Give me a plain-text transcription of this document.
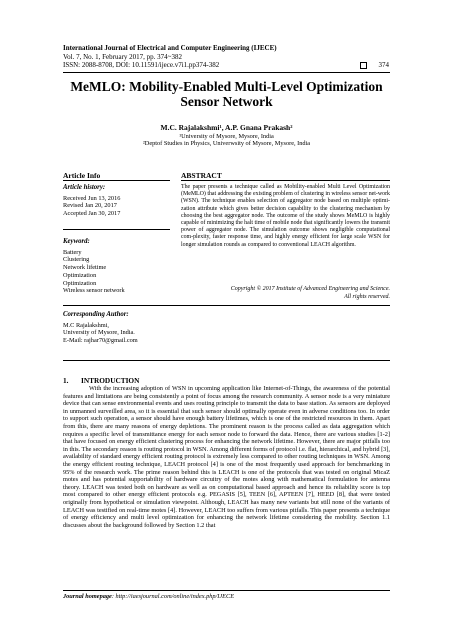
International Journal of Electrical and Computer Engineering (IJECE)
Vol. 7, No. 1, February 2017, pp. 374~382
ISSN: 2088-8708, DOI: 10.11591/ijece.v7i1.pp374-382	374
MeMLO: Mobility-Enabled Multi-Level Optimization Sensor Network
M.C. Rajalakshmi¹, A.P. Gnana Prakash²
¹University of Mysore, Mysore, India
²Deptof Studies in Physics, Univerwsity of Mysore, Mysore, India
Article Info	ABSTRACT
Article history:
Received Jun 13, 2016
Revised Jan 20, 2017
Accepted Jan 30, 2017
Keyword:
Battery
Clustering
Network lifetime
Optimization
Optimization
Wireless sensor network
Corresponding Author:
M.C Rajalakshmi,
University of Mysore, India.
E-Mail: rajhar70@gmail.com
The paper presents a technique called as Mobility-enabled Multi Level Optimization (MeMLO) that addressing the existing problem of clustering in wireless sensor net-work (WSN). The technique enables selection of aggregator node based on multiple optimi-zation attribute which gives better decision capability to the clustering mechanism by choosing the best aggregator node. The outcome of the study shows MeMLO is highly capable of minimizing the halt time of mobile node that significantly lowers the transmit power of aggregator node. The simulation outcome shows negligible computational com-plexity, faster response time, and highly energy efficient for large scale WSN for longer simulation rounds as compared to conventional LEACH algorithm.
Copyright © 2017 Institute of Advanced Engineering and Science.
All rights reserved.
1. INTRODUCTION
With the increasing adoption of WSN in upcoming application like Internet-of-Things, the awareness of the potential features and limitations are being consistently a point of focus among the research community. A sensor node is a very miniature device that can sense environmental events and uses routing principle to transmit the data to base station. As sensors are deployed in unmanned surveilled area, so it is essential that such sensor should optimally operate even in adverse conditions too. In order to support such operation, a sensor should have enough battery lifetimes, which is one of the restricted resources in them. Apart from this, there are many reasons of energy depletions. The prominent reason is the process called as data aggregation which requires a specific level of transmittance energy for each sensor node to forward the data. Hence, there are various studies [1-2] that have focused on energy efficient clustering process for enhancing the network lifetime. However, there are major pitfalls too in this. The secondary reason is routing protocol in WSN. Among different forms of protocol i.e. flat, hierarchical, and hybrid [3], availability of standard energy efficient routing protocol is extremely less compared to other routing techniques in WSN. Among the energy efficient routing technique, LEACH protocol [4] is one of the most frequently used approach for benchmarking in 95% of the research work. The prime reason behind this is LEACH is one of the protocols that was tested on original MicaZ motes and has potential supportability of hardware circuitry of the motes along with mathematical formulation for antenna theory. LEACH was tested both on hardware as well as on computational based approach and hence its reliability score is top most compared to other energy efficient protocols e.g. PEGASIS [5], TEEN [6], APTEEN [7], HEED [8], that were tested originally from hypothetical or simulation viewpoint. Although, LEACH has many new variants but still none of the variants of LEACH was testified on real-time motes [4]. However, LEACH too suffers from various pitfalls. This paper presents a technique of energy efficiency and multi level optimization for enhancing the network lifetime considering the mobility. Section 1.1 discusses about the background followed by Section 1.2 that
Journal homepage: http://iaesjournal.com/online/index.php/IJECE
